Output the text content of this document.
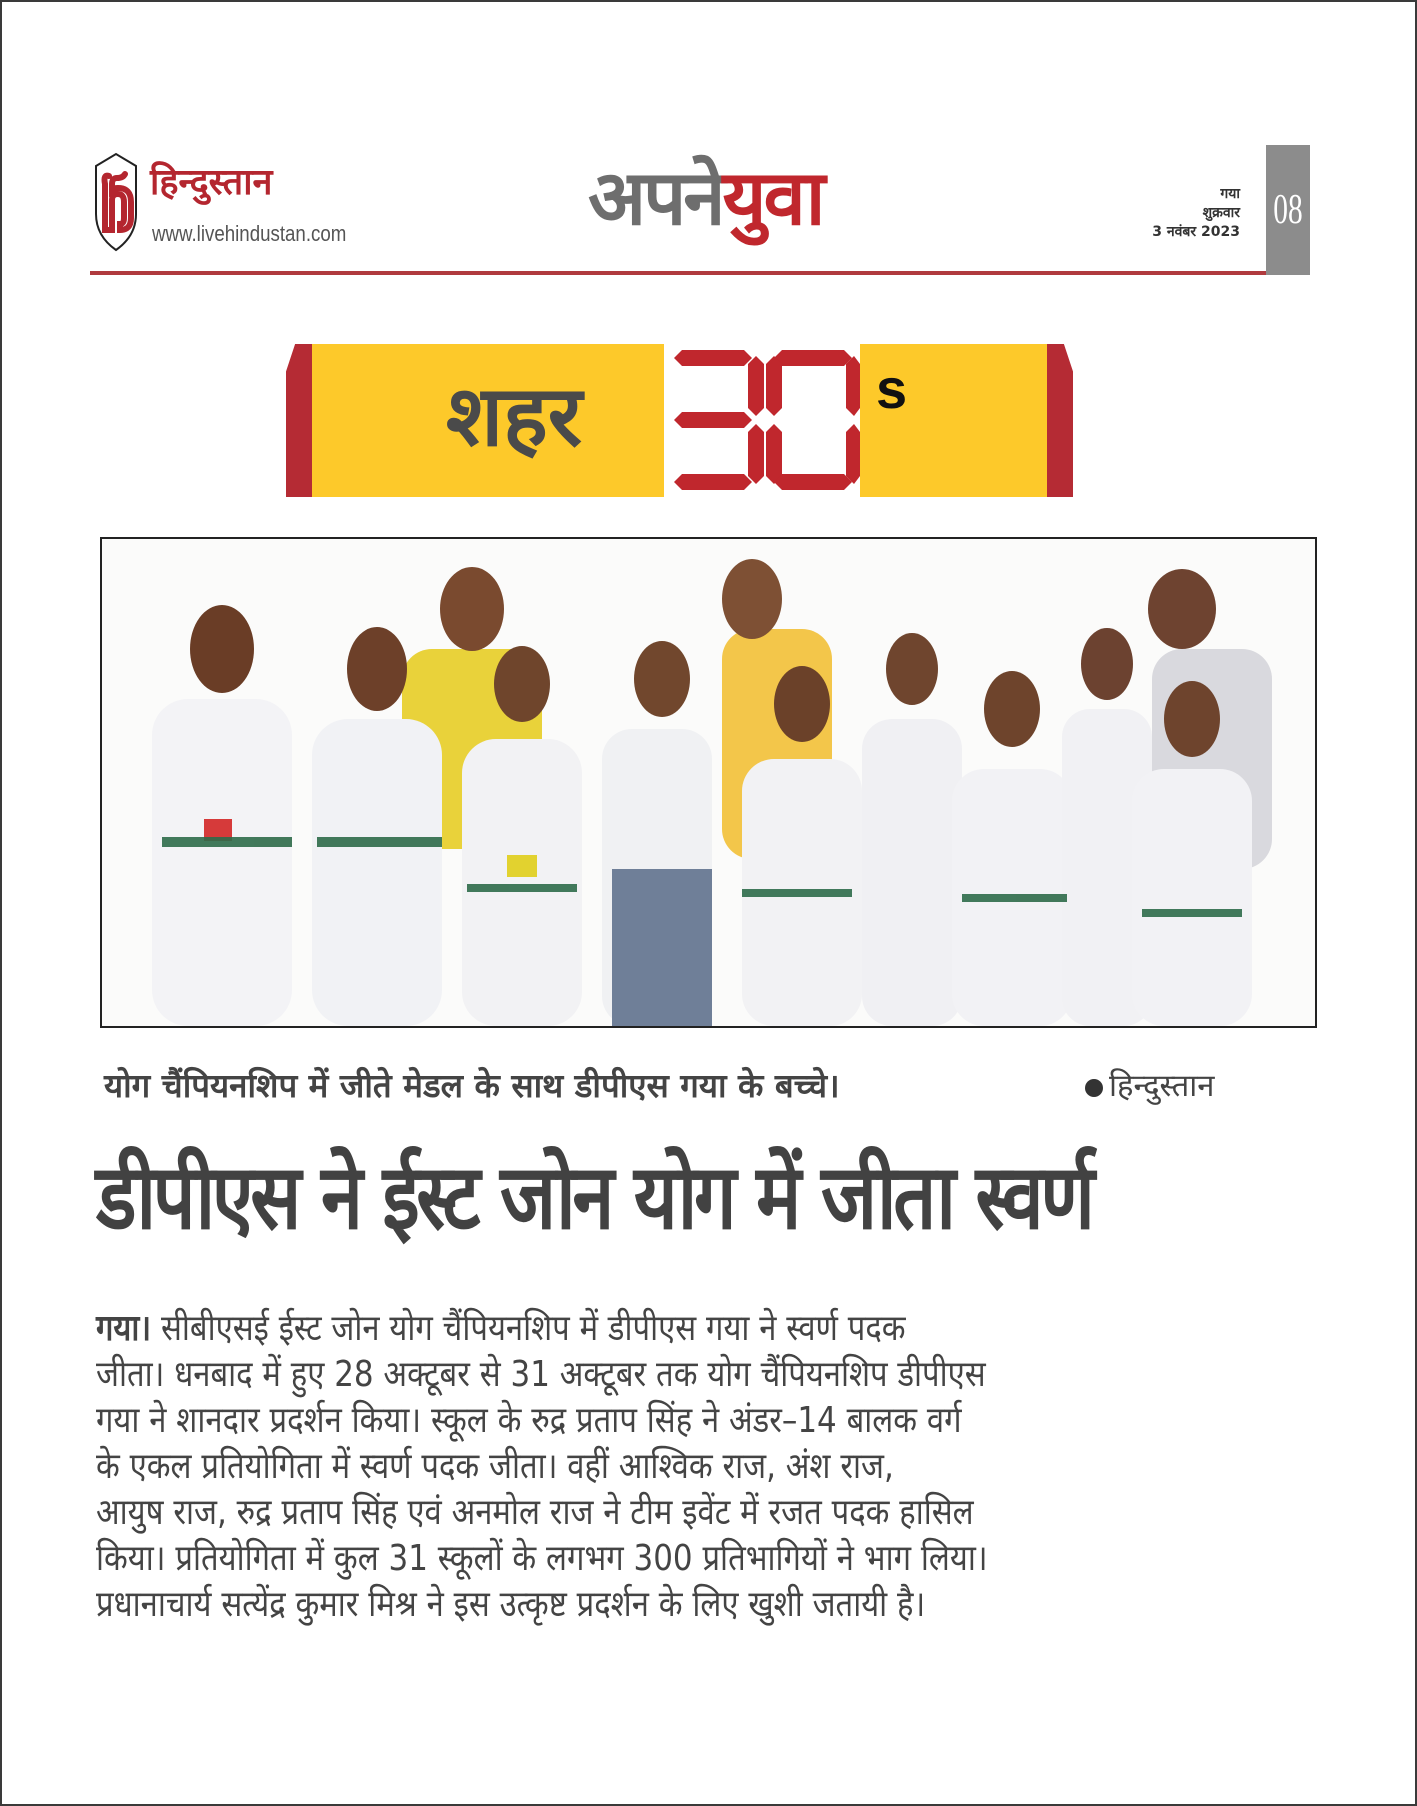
हिन्दुस्तान
www.livehindustan.com	अपनेयुवा	गया
शुक्रवार
3 नवंबर 2023 08
शहर	s
योग चैंपियनशिप में जीते मेडल के साथ डीपीएस गया के बच्चे।	हिन्दुस्तान
डीपीएस ने ईस्ट जोन योग में जीता स्वर्ण
गया। सीबीएसई ईस्ट जोन योग चैंपियनशिप में डीपीएस गया ने स्वर्ण पदक
जीता। धनबाद में हुए 28 अक्टूबर से 31 अक्टूबर तक योग चैंपियनशिप डीपीएस
गया ने शानदार प्रदर्शन किया। स्कूल के रुद्र प्रताप सिंह ने अंडर–14 बालक वर्ग
के एकल प्रतियोगिता में स्वर्ण पदक जीता। वहीं आश्विक राज, अंश राज,
आयुष राज, रुद्र प्रताप सिंह एवं अनमोल राज ने टीम इवेंट में रजत पदक हासिल
किया। प्रतियोगिता में कुल 31 स्कूलों के लगभग 300 प्रतिभागियों ने भाग लिया।
प्रधानाचार्य सत्येंद्र कुमार मिश्र ने इस उत्कृष्ट प्रदर्शन के लिए खुशी जतायी है।
